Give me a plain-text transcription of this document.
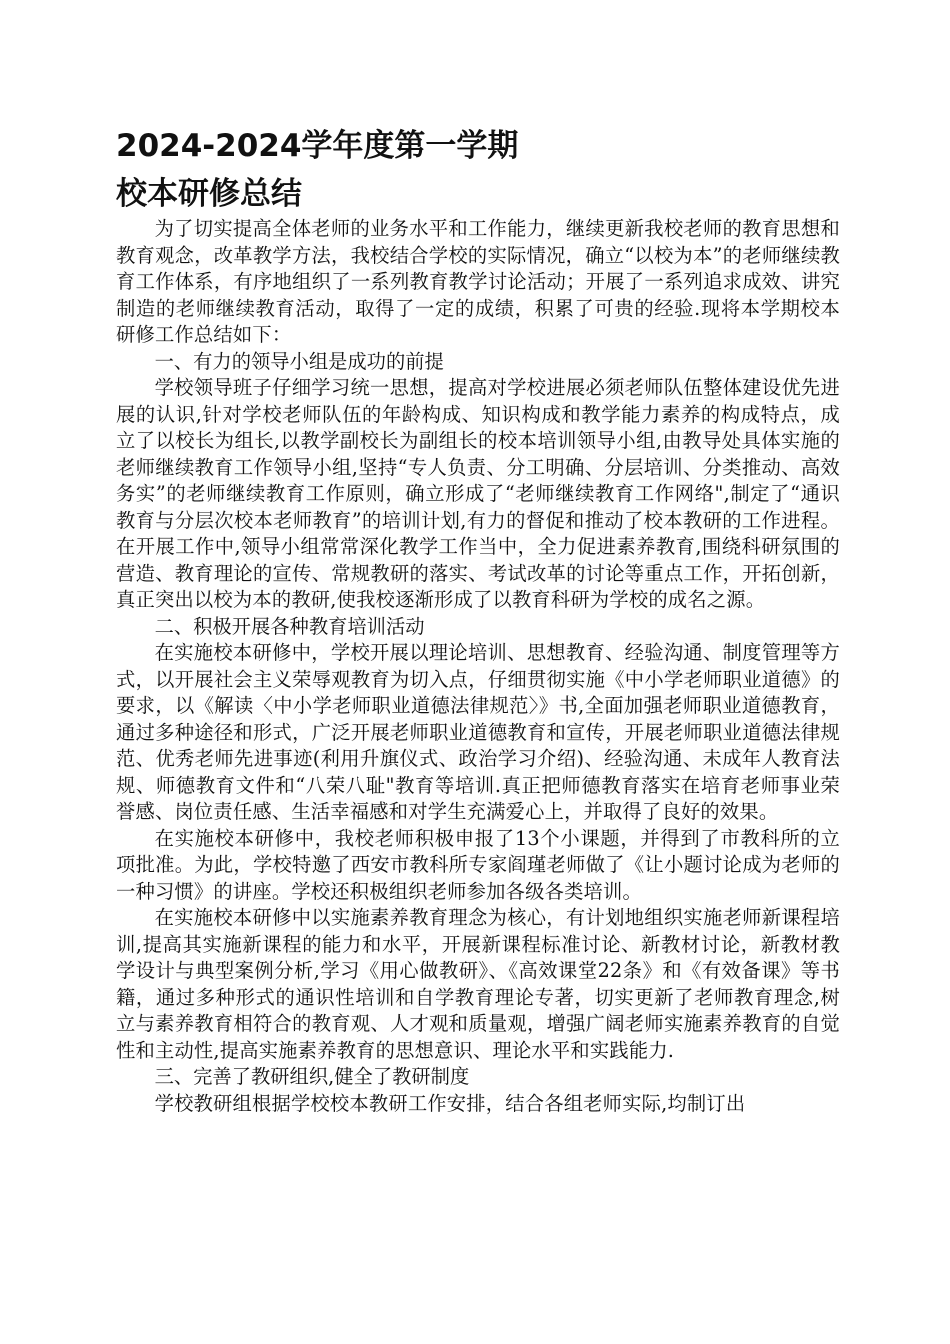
2024-2024学年度第一学期
校本研修总结

为了切实提高全体老师的业务水平和工作能力，继续更新我校老师的教育思想和教育观念，改革教学方法，我校结合学校的实际情况，确立“以校为本”的老师继续教育工作体系，有序地组织了一系列教育教学讨论活动；开展了一系列追求成效、讲究制造的老师继续教育活动，取得了一定的成绩，积累了可贵的经验.现将本学期校本研修工作总结如下：

一、有力的领导小组是成功的前提

学校领导班子仔细学习统一思想，提高对学校进展必须老师队伍整体建设优先进展的认识,针对学校老师队伍的年龄构成、知识构成和教学能力素养的构成特点，成立了以校长为组长,以教学副校长为副组长的校本培训领导小组,由教导处具体实施的老师继续教育工作领导小组,坚持“专人负责、分工明确、分层培训、分类推动、高效务实”的老师继续教育工作原则，确立形成了“老师继续教育工作网络",制定了“通识教育与分层次校本老师教育”的培训计划,有力的督促和推动了校本教研的工作进程。在开展工作中,领导小组常常深化教学工作当中，全力促进素养教育,围绕科研氛围的营造、教育理论的宣传、常规教研的落实、考试改革的讨论等重点工作，开拓创新，真正突出以校为本的教研,使我校逐渐形成了以教育科研为学校的成名之源。

二、积极开展各种教育培训活动

在实施校本研修中，学校开展以理论培训、思想教育、经验沟通、制度管理等方式，以开展社会主义荣辱观教育为切入点，仔细贯彻实施《中小学老师职业道德》的要求，以《解读〈中小学老师职业道德法律规范〉》书,全面加强老师职业道德教育，通过多种途径和形式，广泛开展老师职业道德教育和宣传，开展老师职业道德法律规范、优秀老师先进事迹(利用升旗仪式、政治学习介绍)、经验沟通、未成年人教育法规、师德教育文件和“八荣八耻"教育等培训.真正把师德教育落实在培育老师事业荣誉感、岗位责任感、生活幸福感和对学生充满爱心上，并取得了良好的效果。

在实施校本研修中，我校老师积极申报了13个小课题，并得到了市教科所的立项批准。为此，学校特邀了西安市教科所专家阎瑾老师做了《让小题讨论成为老师的一种习惯》的讲座。学校还积极组织老师参加各级各类培训。

在实施校本研修中以实施素养教育理念为核心，有计划地组织实施老师新课程培训,提高其实施新课程的能力和水平，开展新课程标准讨论、新教材讨论，新教材教学设计与典型案例分析,学习《用心做教研》、《高效课堂22条》和《有效备课》等书籍，通过多种形式的通识性培训和自学教育理论专著，切实更新了老师教育理念,树立与素养教育相符合的教育观、人才观和质量观，增强广阔老师实施素养教育的自觉性和主动性,提高实施素养教育的思想意识、理论水平和实践能力.

三、完善了教研组织,健全了教研制度

学校教研组根据学校校本教研工作安排，结合各组老师实际,均制订出
